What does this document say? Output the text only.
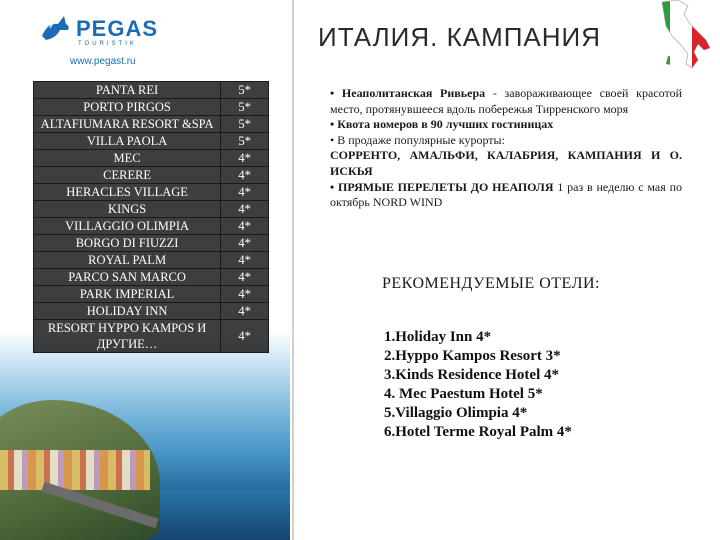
PEGAS
TOURISTIK
www.pegast.ru
ИТАЛИЯ. КАМПАНИЯ
PANTA REI	5*
PORTO PIRGOS	5*
ALTAFIUMARA RESORT &SPA	5*
VILLA PAOLA	5*
MEC	4*
CERERE	4*
HERACLES VILLAGE	4*
KINGS	4*
VILLAGGIO OLIMPIA	4*
BORGO DI FIUZZI	4*
ROYAL PALM	4*
PARCO SAN MARCO	4*
PARK IMPERIAL	4*
HOLIDAY INN	4*
RESORT HYPPO KAMPOS И ДРУГИЕ…	4*

• Неаполитанская Ривьера - завораживающее своей красотой место, протянувшееся вдоль побережья Тирренского моря

• Квота номеров в 90 лучших гостиницах

• В продаже популярные курорты:

СОРРЕНТО, АМАЛЬФИ, КАЛАБРИЯ, КАМПАНИЯ И О. ИСКЬЯ

• ПРЯМЫЕ ПЕРЕЛЕТЫ ДО НЕАПОЛЯ 1 раз в неделю с мая по октябрь NORD WIND

РЕКОМЕНДУЕМЫЕ ОТЕЛИ:
1.Holiday Inn 4*
2.Hyppo Kampos Resort 3*
3.Kinds Residence Hotel 4*
4. Mec Paestum Hotel 5*
5.Villaggio Olimpia 4*
6.Hotel Terme Royal Palm 4*
